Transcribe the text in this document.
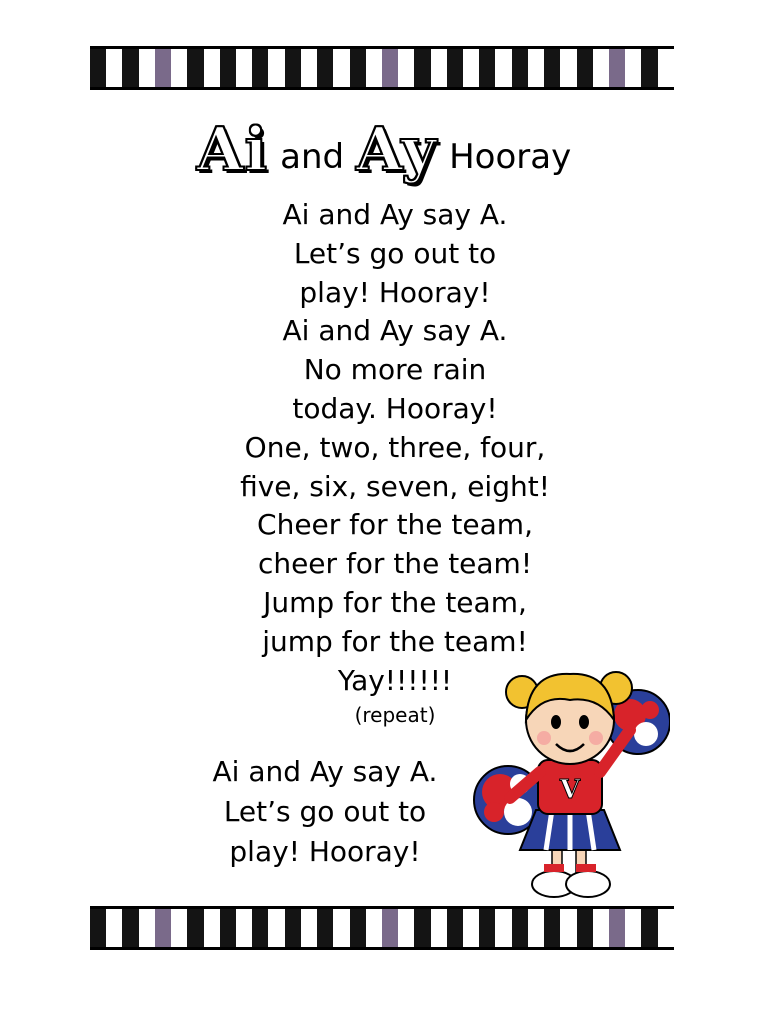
Ai and Ay Hooray
Ai and Ay say A.
Let’s go out to
play! Hooray!
Ai and Ay say A.
No more rain
today. Hooray!
One, two, three, four,
five, six, seven, eight!
Cheer for the team,
cheer for the team!
Jump for the team,
jump for the team!
Yay!!!!!!
(repeat)
Ai and Ay say A.
Let’s go out to
play! Hooray!
V
